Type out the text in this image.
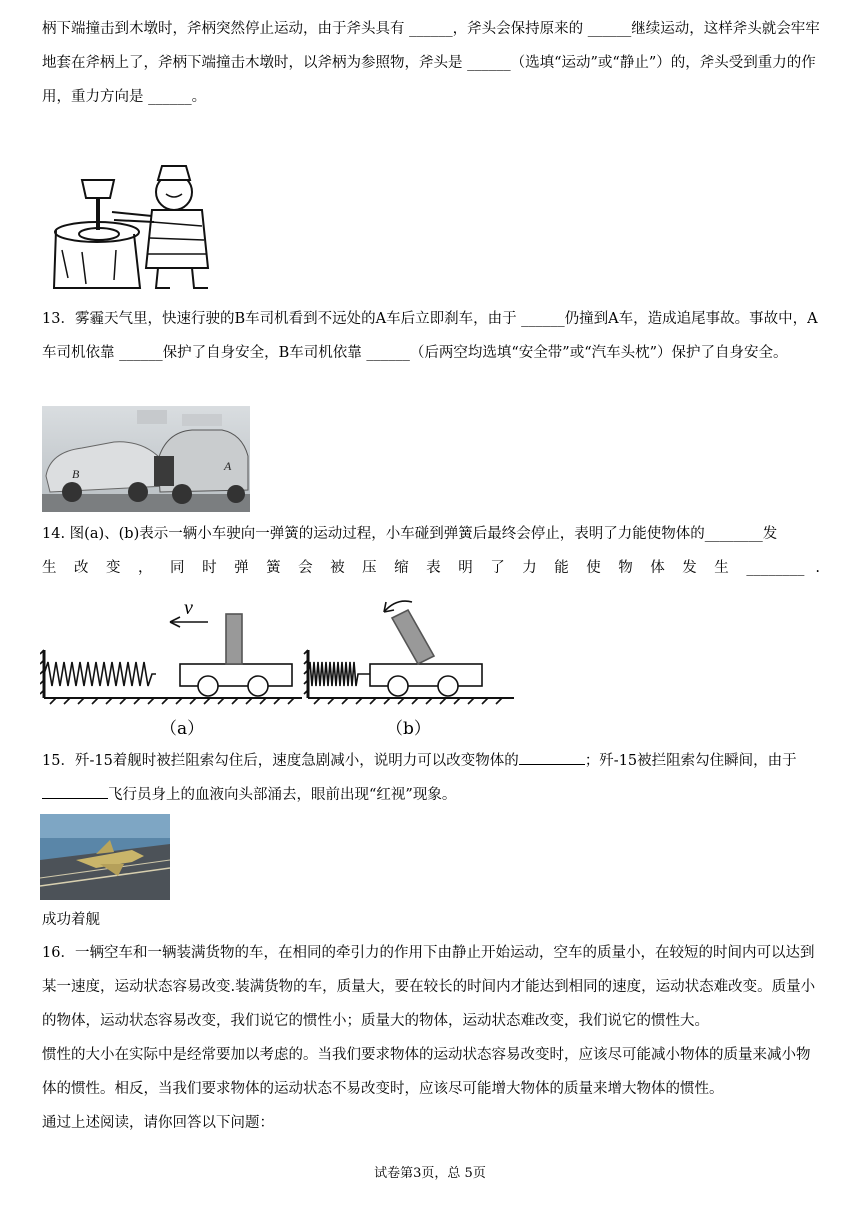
柄下端撞击到木墩时，斧柄突然停止运动，由于斧头具有 ______，斧头会保持原来的 ______继续运动，这样斧头就会牢牢地套在斧柄上了，斧柄下端撞击木墩时，以斧柄为参照物，斧头是 ______（选填“运动”或“静止”）的，斧头受到重力的作用，重力方向是 ______。
13．雾霾天气里，快速行驶的B车司机看到不远处的A车后立即刹车，由于 ______仍撞到A车，造成追尾事故。事故中，A车司机依靠 ______保护了自身安全，B车司机依靠 ______（后两空均选填“安全带”或“汽车头枕”）保护了自身安全。
B
A
14. 图(a)、(b)表示一辆小车驶向一弹簧的运动过程，小车碰到弹簧后最终会停止，表明了力能使物体的________发
生 改 变 ， 同 时 弹 簧 会 被 压 缩 表 明 了 力 能 使 物 体 发 生 ________ .
v
（a）	（b）
15．歼-15着舰时被拦阻索勾住后，速度急剧减小，说明力可以改变物体的	；歼-15被拦阻索勾住瞬间，由于
飞行员身上的血液向头部涌去，眼前出现“红视”现象。
成功着舰
16．一辆空车和一辆装满货物的车，在相同的牵引力的作用下由静止开始运动，空车的质量小，在较短的时间内可以达到某一速度，运动状态容易改变.装满货物的车，质量大，要在较长的时间内才能达到相同的速度，运动状态难改变。质量小的物体，运动状态容易改变，我们说它的惯性小；质量大的物体，运动状态难改变，我们说它的惯性大。
惯性的大小在实际中是经常要加以考虑的。当我们要求物体的运动状态容易改变时，应该尽可能减小物体的质量来减小物体的惯性。相反，当我们要求物体的运动状态不易改变时，应该尽可能增大物体的质量来增大物体的惯性。
通过上述阅读，请你回答以下问题：
试卷第3页，总 5页
